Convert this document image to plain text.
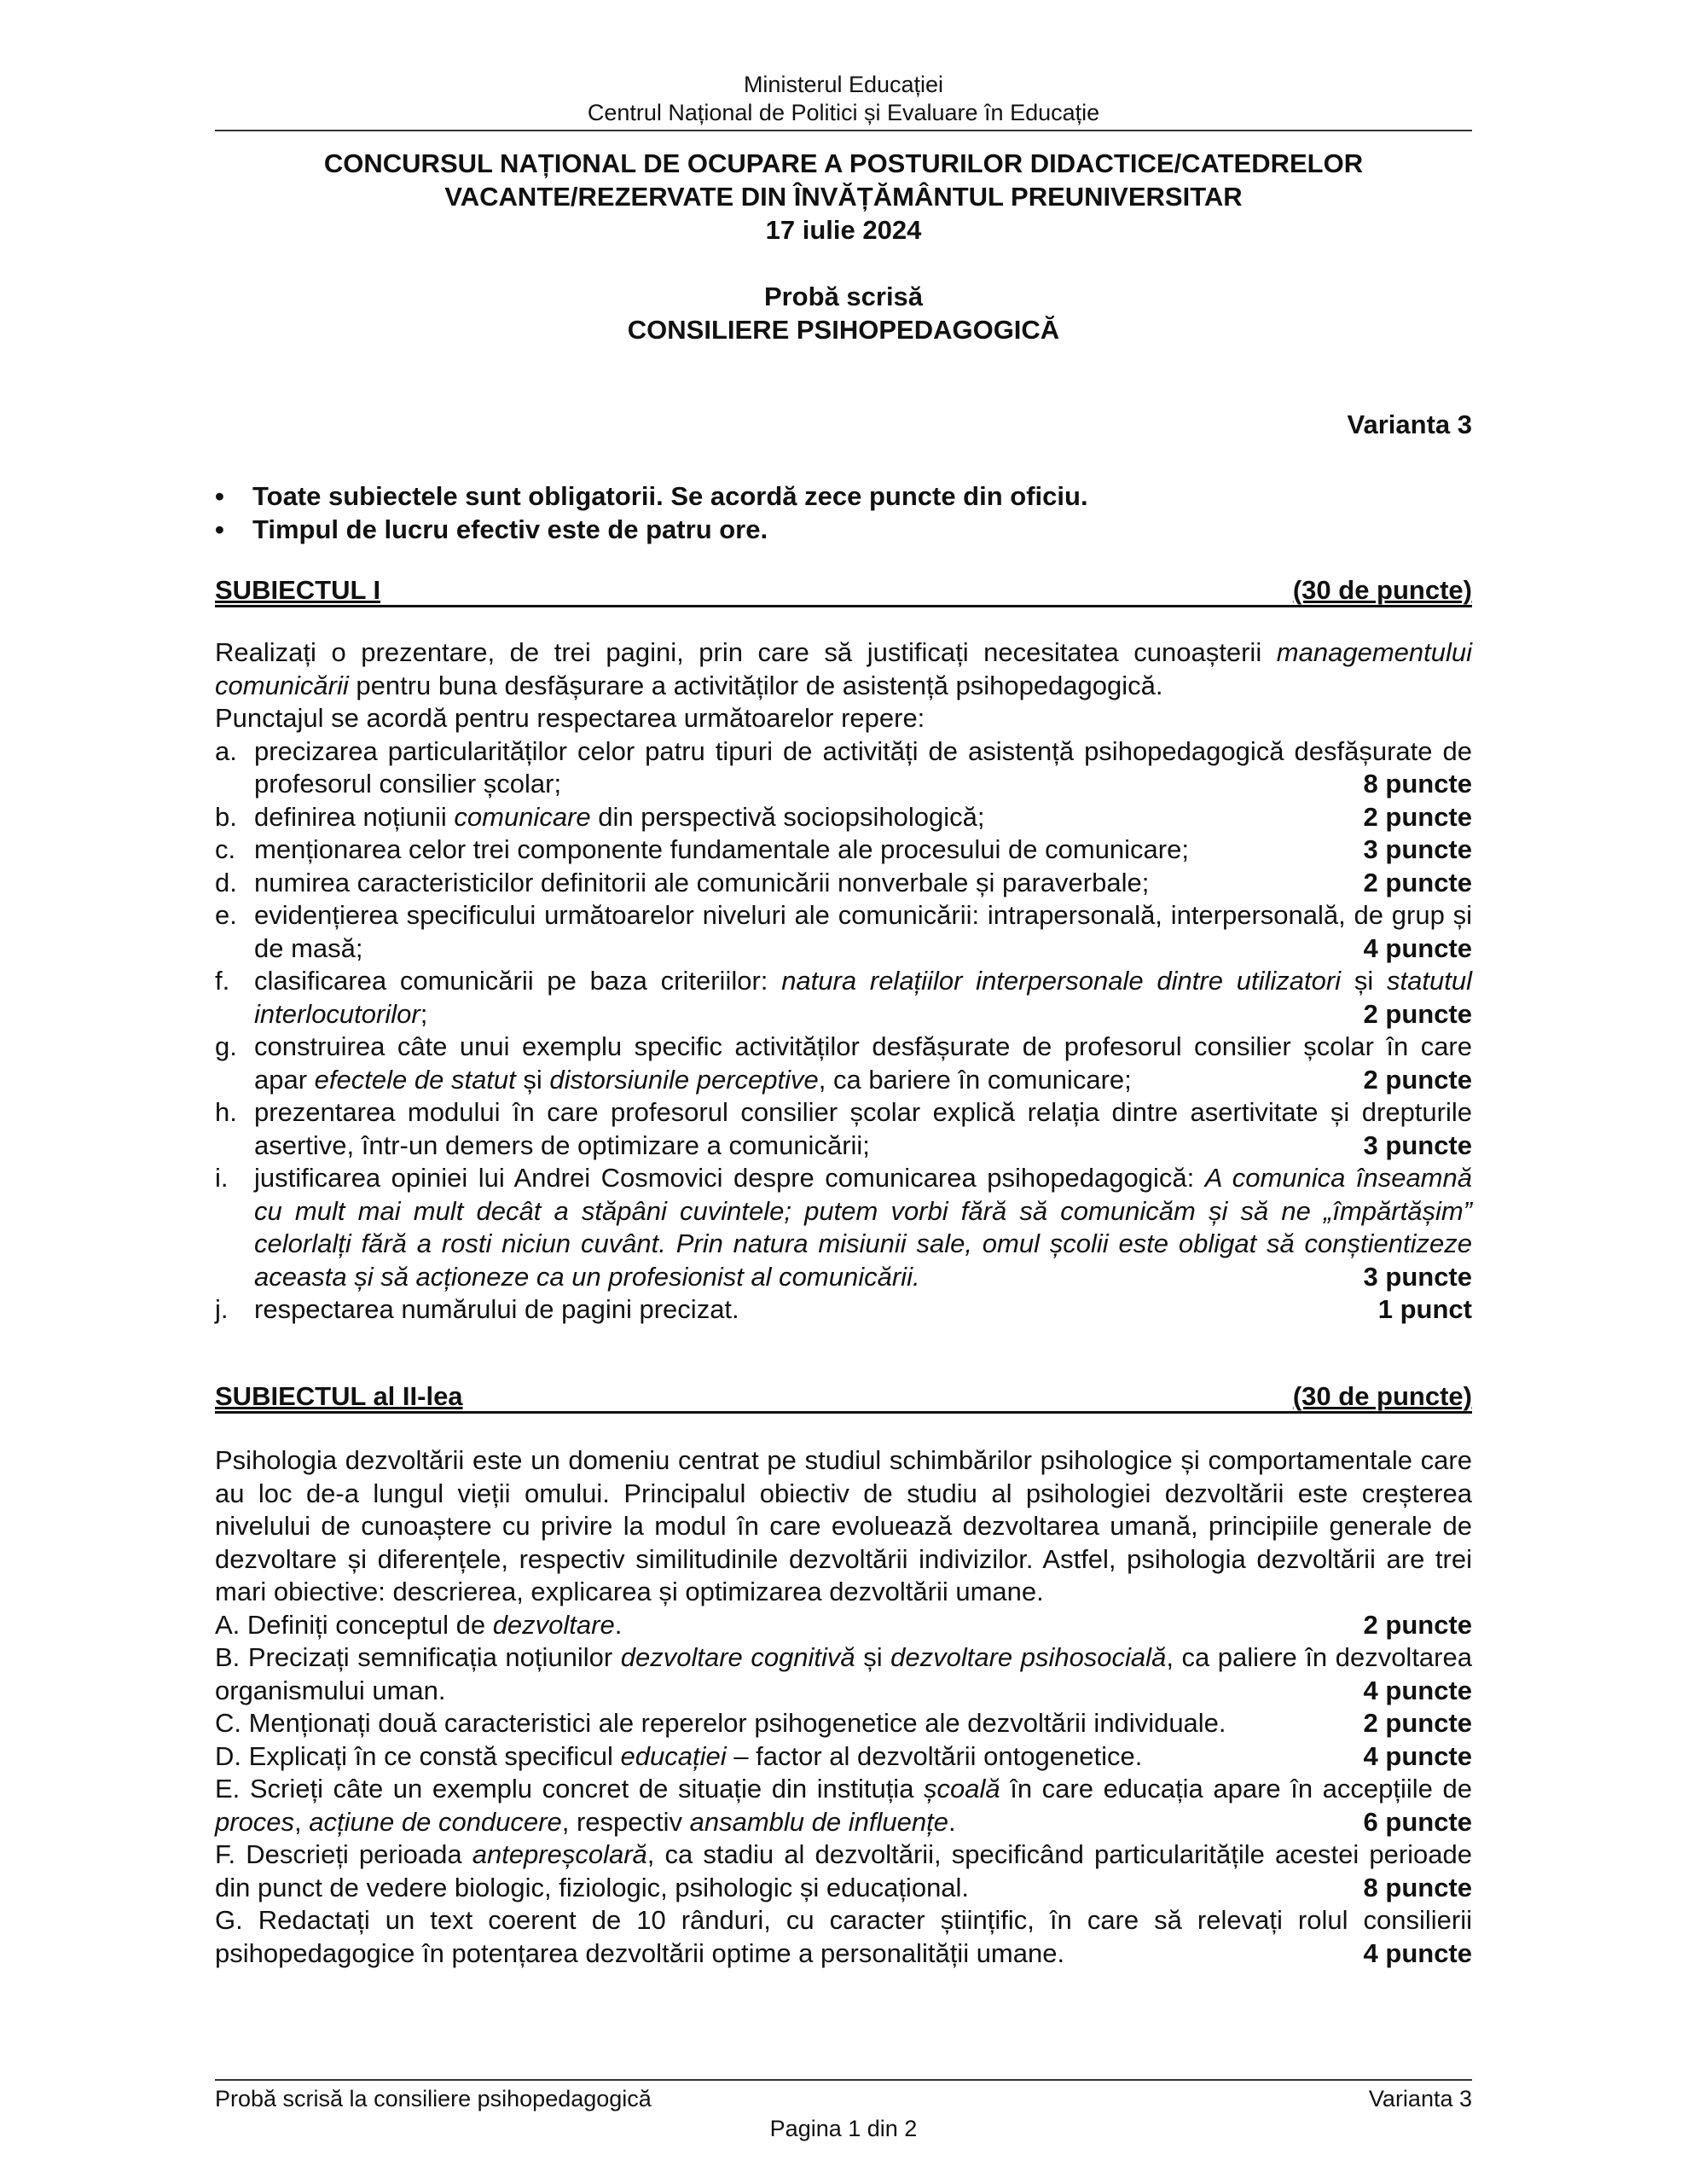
Ministerul Educației
Centrul Național de Politici și Evaluare în Educație
CONCURSUL NAȚIONAL DE OCUPARE A POSTURILOR DIDACTICE/CATEDRELOR
VACANTE/REZERVATE DIN ÎNVĂȚĂMÂNTUL PREUNIVERSITAR
17 iulie 2024
Probă scrisă
CONSILIERE PSIHOPEDAGOGICĂ
Varianta 3
•	Toate subiectele sunt obligatorii. Se acordă zece puncte din oficiu.
•	Timpul de lucru efectiv este de patru ore.
SUBIECTUL I	(30 de puncte)

Realizați o prezentare, de trei pagini, prin care să justificați necesitatea cunoașterii managementului comunicării pentru buna desfășurare a activităților de asistență psihopedagogică.

Punctajul se acordă pentru respectarea următoarelor repere:

a. precizarea particularităților celor patru tipuri de activități de asistență psihopedagogică desfășurate de profesorul consilier școlar;	8 puncte
b. definirea noțiunii comunicare din perspectivă sociopsihologică;	2 puncte
c. menționarea celor trei componente fundamentale ale procesului de comunicare;	3 puncte
d. numirea caracteristicilor definitorii ale comunicării nonverbale și paraverbale;	2 puncte
e. evidențierea specificului următoarelor niveluri ale comunicării: intrapersonală, interpersonală, de grup și de masă;	4 puncte
f. clasificarea comunicării pe baza criteriilor: natura relațiilor interpersonale dintre utilizatori și statutul interlocutorilor;	2 puncte
g. construirea câte unui exemplu specific activităților desfășurate de profesorul consilier școlar în care apar efectele de statut și distorsiunile perceptive, ca bariere în comunicare;	2 puncte
h. prezentarea modului în care profesorul consilier școlar explică relația dintre asertivitate și drepturile asertive, într-un demers de optimizare a comunicării;	3 puncte
i. justificarea opiniei lui Andrei Cosmovici despre comunicarea psihopedagogică: A comunica înseamnă cu mult mai mult decât a stăpâni cuvintele; putem vorbi fără să comunicăm și să ne „împărtășim” celorlalți fără a rosti niciun cuvânt. Prin natura misiunii sale, omul școlii este obligat să conștientizeze aceasta și să acționeze ca un profesionist al comunicării.	3 puncte
j. respectarea numărului de pagini precizat.	1 punct
SUBIECTUL al II-lea	(30 de puncte)

Psihologia dezvoltării este un domeniu centrat pe studiul schimbărilor psihologice și comportamentale care au loc de-a lungul vieții omului. Principalul obiectiv de studiu al psihologiei dezvoltării este creșterea nivelului de cunoaștere cu privire la modul în care evoluează dezvoltarea umană, principiile generale de dezvoltare și diferențele, respectiv similitudinile dezvoltării indivizilor. Astfel, psihologia dezvoltării are trei mari obiective: descrierea, explicarea și optimizarea dezvoltării umane.

A. Definiți conceptul de dezvoltare.	2 puncte
B. Precizați semnificația noțiunilor dezvoltare cognitivă și dezvoltare psihosocială, ca paliere în dezvoltarea organismului uman.	4 puncte
C. Menționați două caracteristici ale reperelor psihogenetice ale dezvoltării individuale.	2 puncte
D. Explicați în ce constă specificul educației – factor al dezvoltării ontogenetice.	4 puncte
E. Scrieți câte un exemplu concret de situație din instituția școală în care educația apare în accepțiile de proces, acțiune de conducere, respectiv ansamblu de influențe.	6 puncte
F. Descrieți perioada antepreșcolară, ca stadiu al dezvoltării, specificând particularitățile acestei perioade din punct de vedere biologic, fiziologic, psihologic și educațional.	8 puncte
G. Redactați un text coerent de 10 rânduri, cu caracter științific, în care să relevați rolul consilierii psihopedagogice în potențarea dezvoltării optime a personalității umane.	4 puncte
Probă scrisă la consiliere psihopedagogică	Varianta 3
Pagina 1 din 2
